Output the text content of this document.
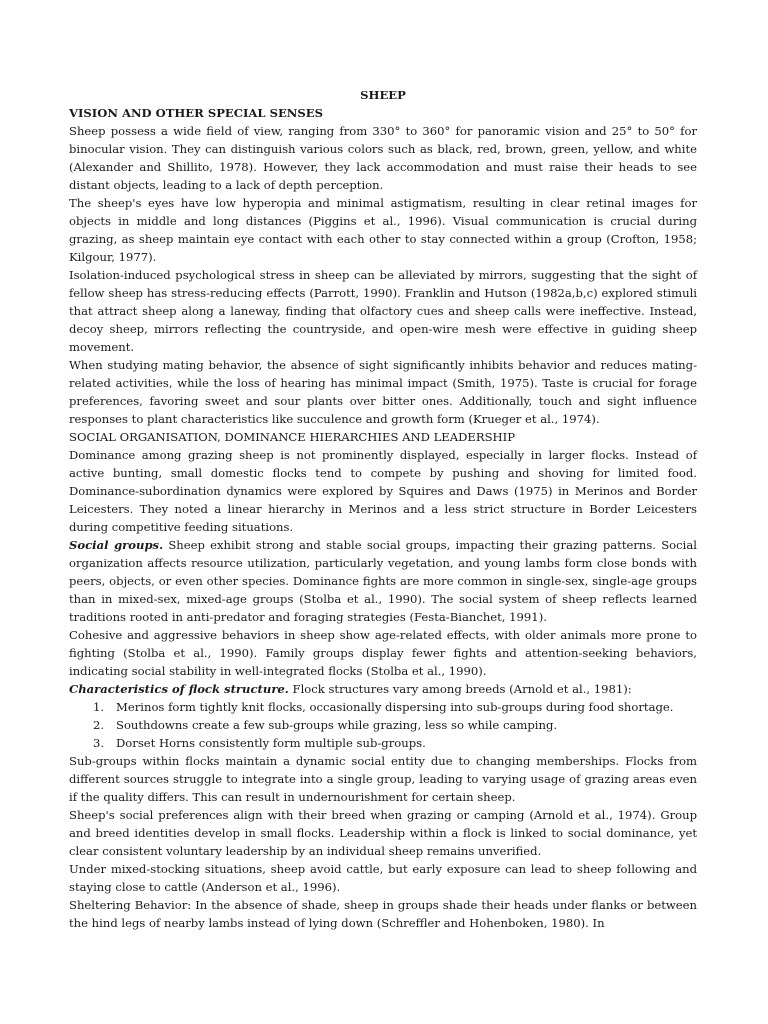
SHEEP
VISION AND OTHER SPECIAL SENSES

Sheep possess a wide field of view, ranging from 330° to 360° for panoramic vision and 25° to 50° for binocular vision. They can distinguish various colors such as black, red, brown, green, yellow, and white (Alexander and Shillito, 1978). However, they lack accommodation and must raise their heads to see distant objects, leading to a lack of depth perception.

The sheep's eyes have low hyperopia and minimal astigmatism, resulting in clear retinal images for objects in middle and long distances (Piggins et al., 1996). Visual communication is crucial during grazing, as sheep maintain eye contact with each other to stay connected within a group (Crofton, 1958; Kilgour, 1977).

Isolation-induced psychological stress in sheep can be alleviated by mirrors, suggesting that the sight of fellow sheep has stress-reducing effects (Parrott, 1990). Franklin and Hutson (1982a,b,c) explored stimuli that attract sheep along a laneway, finding that olfactory cues and sheep calls were ineffective. Instead, decoy sheep, mirrors reflecting the countryside, and open-wire mesh were effective in guiding sheep movement.

When studying mating behavior, the absence of sight significantly inhibits behavior and reduces mating-related activities, while the loss of hearing has minimal impact (Smith, 1975). Taste is crucial for forage preferences, favoring sweet and sour plants over bitter ones. Additionally, touch and sight influence responses to plant characteristics like succulence and growth form (Krueger et al., 1974).

SOCIAL ORGANISATION, DOMINANCE HIERARCHIES AND LEADERSHIP

Dominance among grazing sheep is not prominently displayed, especially in larger flocks. Instead of active bunting, small domestic flocks tend to compete by pushing and shoving for limited food. Dominance-subordination dynamics were explored by Squires and Daws (1975) in Merinos and Border Leicesters. They noted a linear hierarchy in Merinos and a less strict structure in Border Leicesters during competitive feeding situations.

Social groups. Sheep exhibit strong and stable social groups, impacting their grazing patterns. Social organization affects resource utilization, particularly vegetation, and young lambs form close bonds with peers, objects, or even other species. Dominance fights are more common in single-sex, single-age groups than in mixed-sex, mixed-age groups (Stolba et al., 1990). The social system of sheep reflects learned traditions rooted in anti-predator and foraging strategies (Festa-Bianchet, 1991).

Cohesive and aggressive behaviors in sheep show age-related effects, with older animals more prone to fighting (Stolba et al., 1990). Family groups display fewer fights and attention-seeking behaviors, indicating social stability in well-integrated flocks (Stolba et al., 1990).

Characteristics of flock structure. Flock structures vary among breeds (Arnold et al., 1981):

1.	Merinos form tightly knit flocks, occasionally dispersing into sub-groups during food shortage.
2.	Southdowns create a few sub-groups while grazing, less so while camping.
3.	Dorset Horns consistently form multiple sub-groups.

Sub-groups within flocks maintain a dynamic social entity due to changing memberships. Flocks from different sources struggle to integrate into a single group, leading to varying usage of grazing areas even if the quality differs. This can result in undernourishment for certain sheep.

Sheep's social preferences align with their breed when grazing or camping (Arnold et al., 1974). Group and breed identities develop in small flocks. Leadership within a flock is linked to social dominance, yet clear consistent voluntary leadership by an individual sheep remains unverified.

Under mixed-stocking situations, sheep avoid cattle, but early exposure can lead to sheep following and staying close to cattle (Anderson et al., 1996).

Sheltering Behavior: In the absence of shade, sheep in groups shade their heads under flanks or between the hind legs of nearby lambs instead of lying down (Schreffler and Hohenboken, 1980). In
